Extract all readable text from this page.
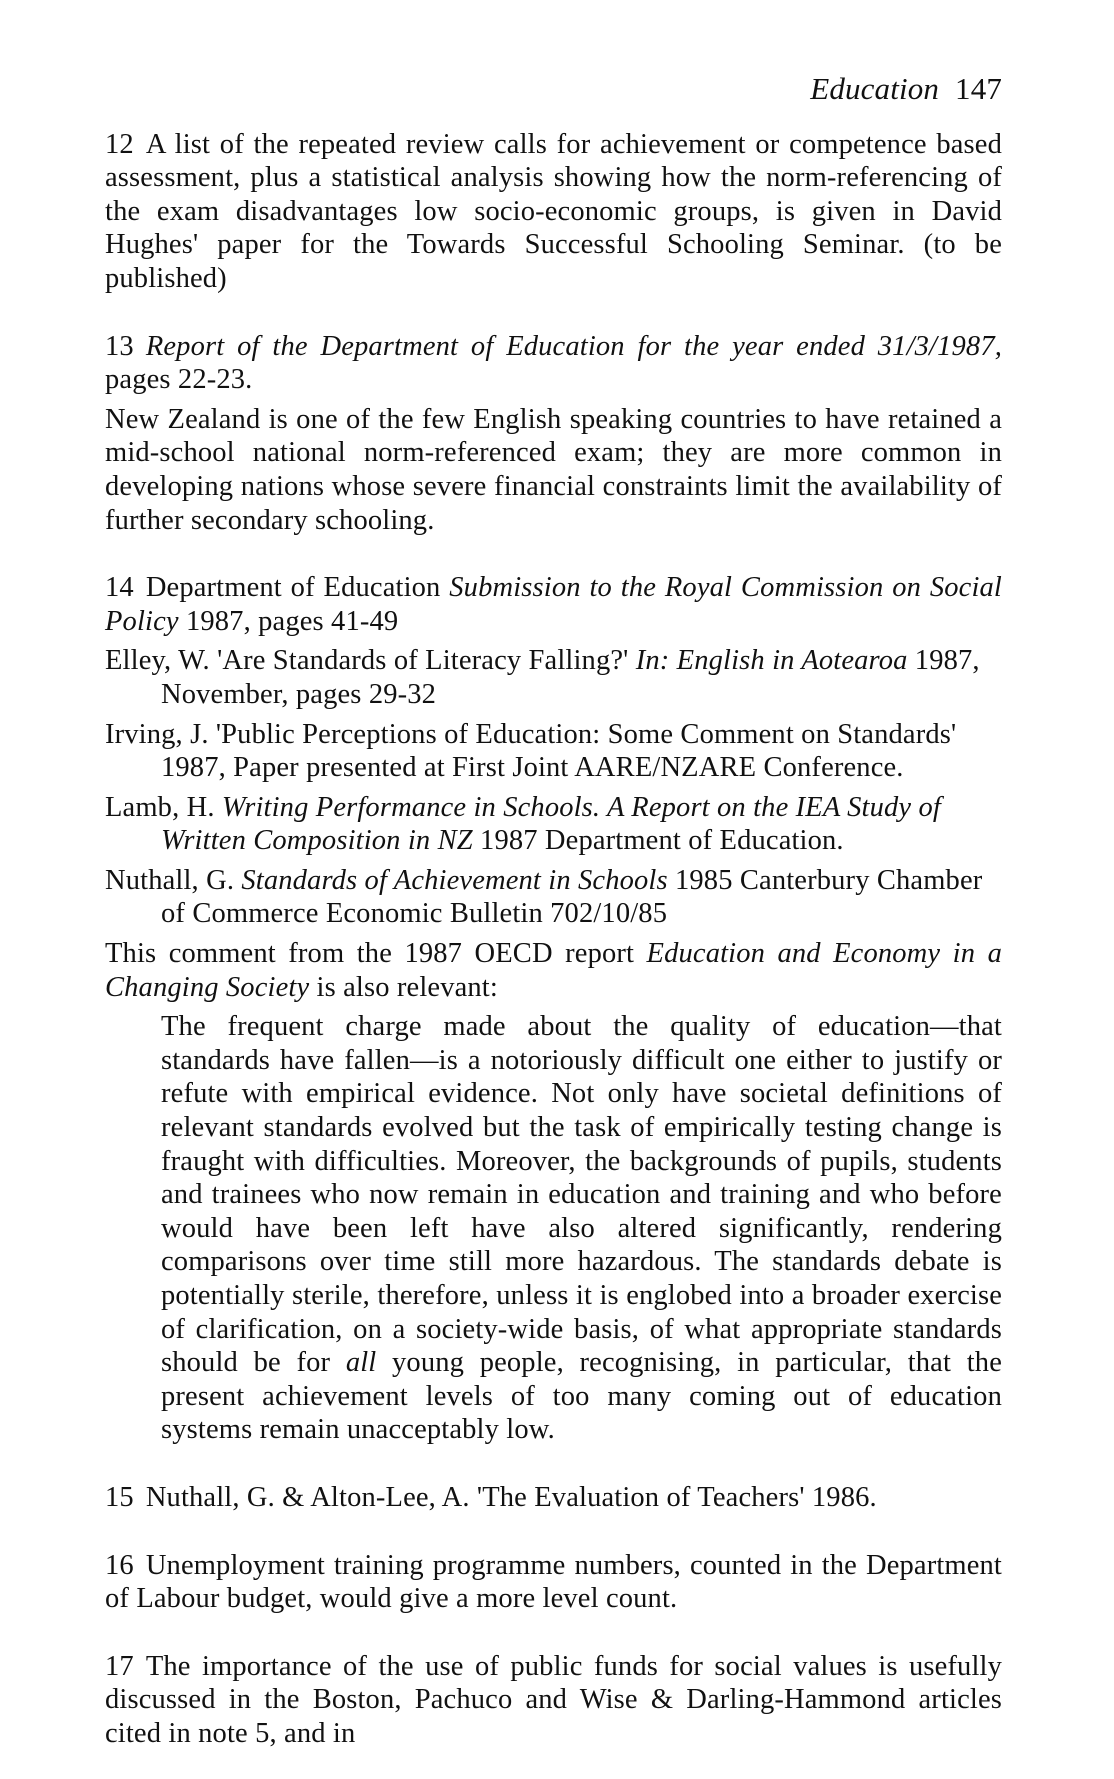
Education 147

12 A list of the repeated review calls for achievement or competence based assessment, plus a statistical analysis showing how the norm-referencing of the exam disadvantages low socio-economic groups, is given in David Hughes' paper for the Towards Successful Schooling Seminar. (to be published)

13 Report of the Department of Education for the year ended 31/3/1987, pages 22-23.

New Zealand is one of the few English speaking countries to have retained a mid-school national norm-referenced exam; they are more common in developing nations whose severe financial constraints limit the availability of further secondary schooling.

14 Department of Education Submission to the Royal Commission on Social Policy 1987, pages 41-49

Elley, W. 'Are Standards of Literacy Falling?' In: English in Aotearoa 1987, November, pages 29-32

Irving, J. 'Public Perceptions of Education: Some Comment on Standards' 1987, Paper presented at First Joint AARE/NZARE Conference.

Lamb, H. Writing Performance in Schools. A Report on the IEA Study of Written Composition in NZ 1987 Department of Education.

Nuthall, G. Standards of Achievement in Schools 1985 Canterbury Chamber of Commerce Economic Bulletin 702/10/85

This comment from the 1987 OECD report Education and Economy in a Changing Society is also relevant:

The frequent charge made about the quality of education—that standards have fallen—is a notoriously difficult one either to justify or refute with empirical evidence. Not only have societal definitions of relevant standards evolved but the task of empirically testing change is fraught with difficulties. Moreover, the backgrounds of pupils, students and trainees who now remain in education and training and who before would have been left have also altered significantly, rendering comparisons over time still more hazardous. The standards debate is potentially sterile, therefore, unless it is englobed into a broader exercise of clarification, on a society-wide basis, of what appropriate standards should be for all young people, recognising, in particular, that the present achievement levels of too many coming out of education systems remain unacceptably low.

15 Nuthall, G. & Alton-Lee, A. 'The Evaluation of Teachers' 1986.

16 Unemployment training programme numbers, counted in the Department of Labour budget, would give a more level count.

17 The importance of the use of public funds for social values is usefully discussed in the Boston, Pachuco and Wise & Darling-Hammond articles cited in note 5, and in
